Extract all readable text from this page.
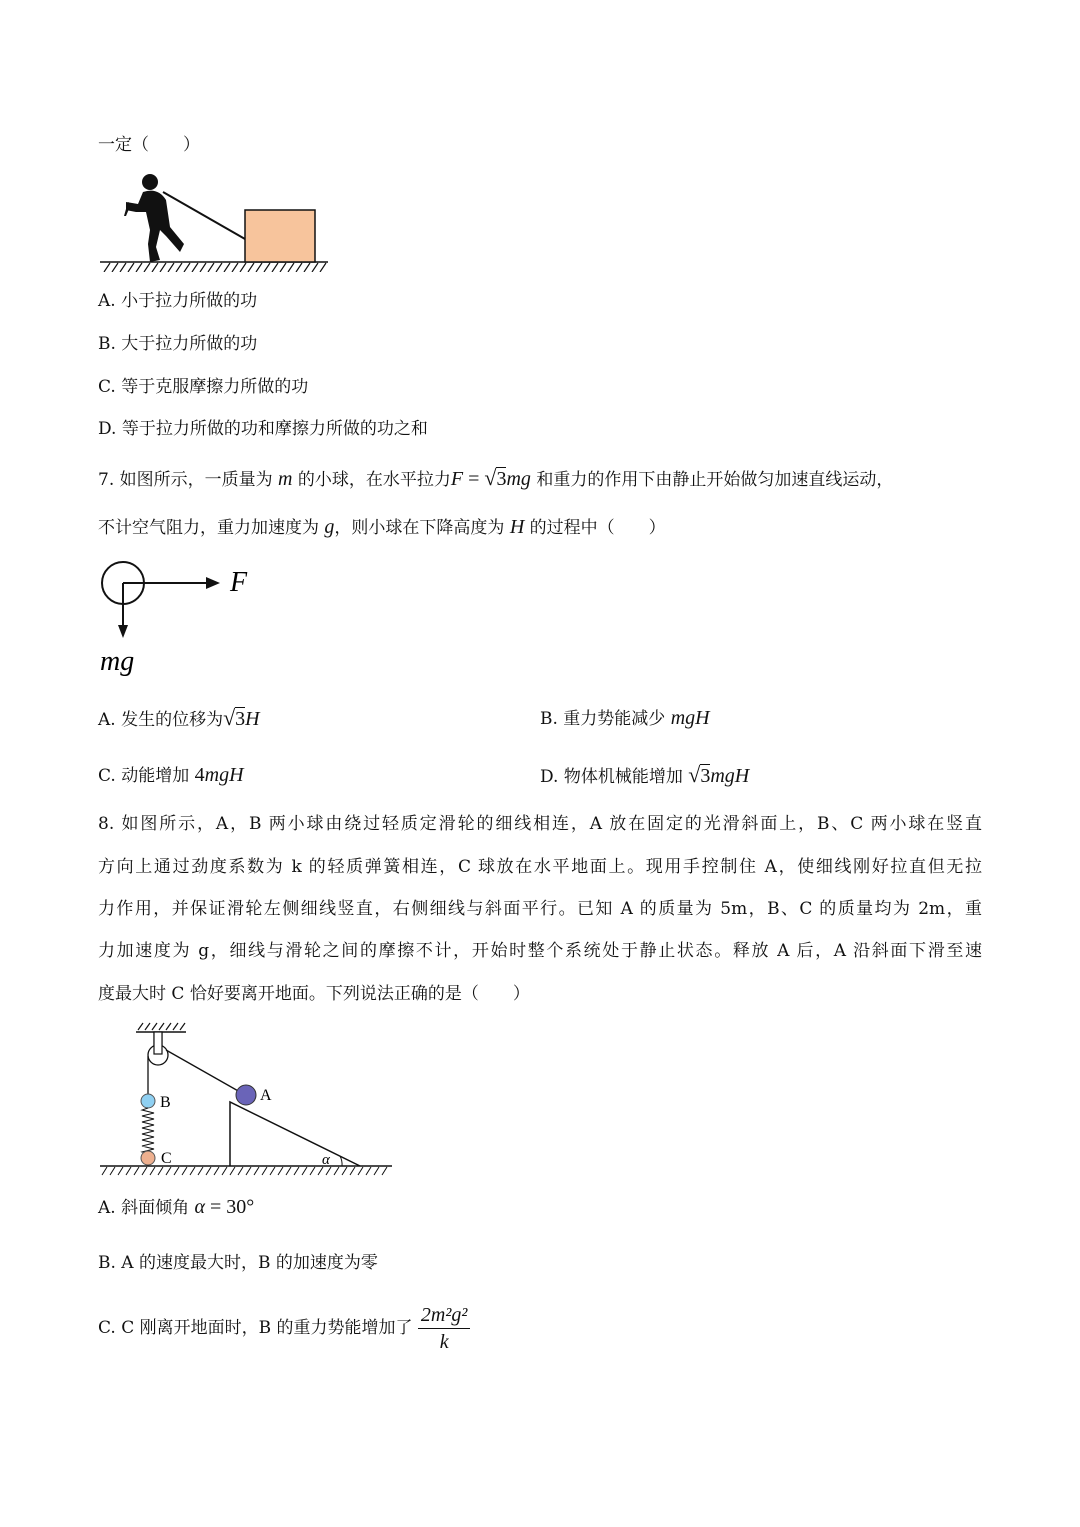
一定（　　）
A. 小于拉力所做的功
B. 大于拉力所做的功
C. 等于克服摩擦力所做的功
D. 等于拉力所做的功和摩擦力所做的功之和
7. 如图所示，一质量为 m 的小球，在水平拉力F = √3mg 和重力的作用下由静止开始做匀加速直线运动，
不计空气阻力，重力加速度为 g，则小球在下降高度为 H 的过程中（　　）
F
mg
A. 发生的位移为√3H	B. 重力势能减少 mgH
C. 动能增加 4mgH	D. 物体机械能增加 √3mgH
8. 如图所示，A，B 两小球由绕过轻质定滑轮的细线相连，A 放在固定的光滑斜面上，B、C 两小球在竖直
方向上通过劲度系数为 k 的轻质弹簧相连，C 球放在水平地面上。现用手控制住 A，使细线刚好拉直但无拉
力作用，并保证滑轮左侧细线竖直，右侧细线与斜面平行。已知 A 的质量为 5m，B、C 的质量均为 2m，重
力加速度为 g，细线与滑轮之间的摩擦不计，开始时整个系统处于静止状态。释放 A 后，A 沿斜面下滑至速
度最大时 C 恰好要离开地面。下列说法正确的是（　　）
A
B
C	α
A. 斜面倾角 α = 30°
B. A 的速度最大时，B 的加速度为零
C. C 刚离开地面时，B 的重力势能增加了 $\frac{\text{2m²g²}}{k}$
